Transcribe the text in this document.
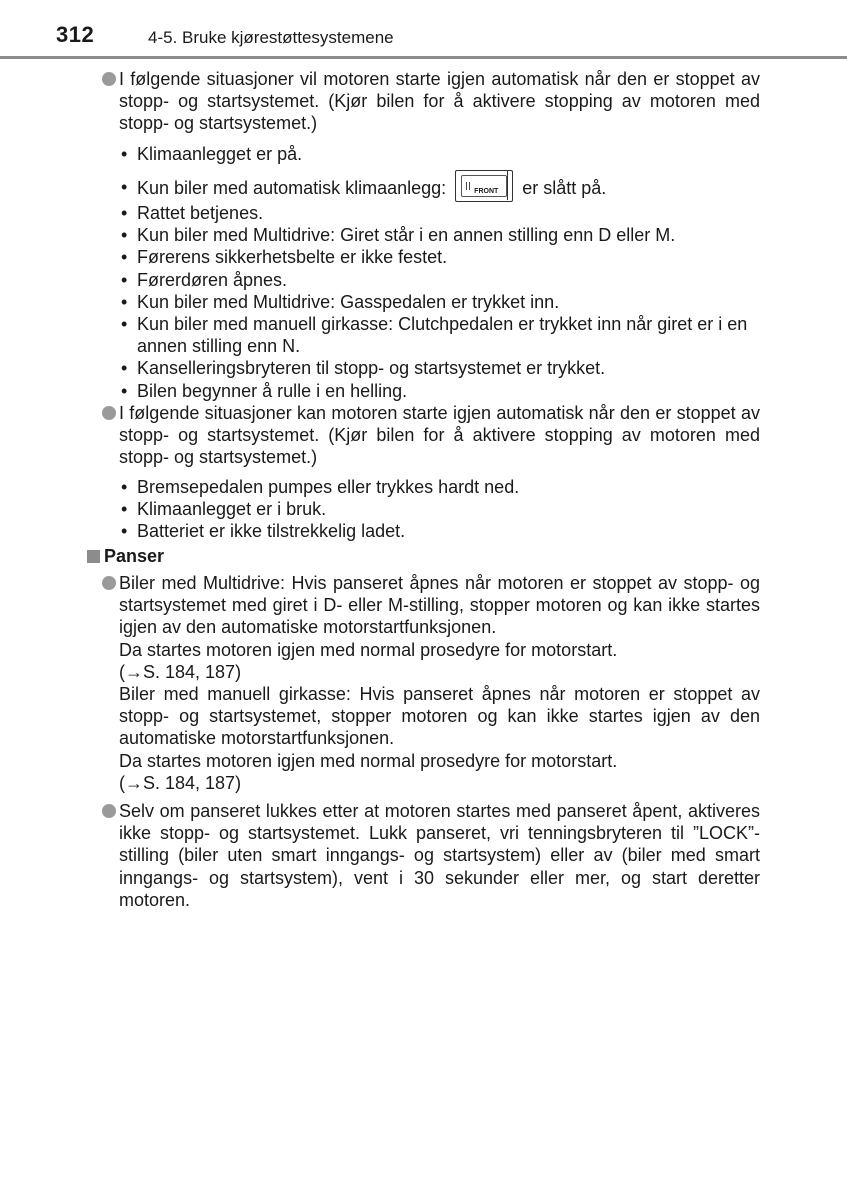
312	4-5. Bruke kjørestøttesystemene

I følgende situasjoner vil motoren starte igjen automatisk når den er stoppet av stopp- og startsystemet. (Kjør bilen for å aktivere stopping av motoren med stopp- og startsystemet.)

• Klimaanlegget er på.
• Kun biler med automatisk klimaanlegg:	FRONT er slått på.
• Rattet betjenes.
• Kun biler med Multidrive: Giret står i en annen stilling enn D eller M.
• Førerens sikkerhetsbelte er ikke festet.
• Førerdøren åpnes.
• Kun biler med Multidrive: Gasspedalen er trykket inn.
• Kun biler med manuell girkasse: Clutchpedalen er trykket inn når giret er i en annen stilling enn N.
• Kanselleringsbryteren til stopp- og startsystemet er trykket.
• Bilen begynner å rulle i en helling.

I følgende situasjoner kan motoren starte igjen automatisk når den er stoppet av stopp- og startsystemet. (Kjør bilen for å aktivere stopping av motoren med stopp- og startsystemet.)

• Bremsepedalen pumpes eller trykkes hardt ned.
• Klimaanlegget er i bruk.
• Batteriet er ikke tilstrekkelig ladet.
Panser

Biler med Multidrive: Hvis panseret åpnes når motoren er stoppet av stopp- og startsystemet med giret i D- eller M-stilling, stopper motoren og kan ikke startes igjen av den automatiske motorstartfunksjonen.

Da startes motoren igjen med normal prosedyre for motorstart.

(→S. 184, 187)

Biler med manuell girkasse: Hvis panseret åpnes når motoren er stoppet av stopp- og startsystemet, stopper motoren og kan ikke startes igjen av den automatiske motorstartfunksjonen.

Da startes motoren igjen med normal prosedyre for motorstart.

(→S. 184, 187)

Selv om panseret lukkes etter at motoren startes med panseret åpent, aktiveres ikke stopp- og startsystemet. Lukk panseret, vri tenningsbryteren til ”LOCK”-stilling (biler uten smart inngangs- og startsystem) eller av (biler med smart inngangs- og startsystem), vent i 30 sekunder eller mer, og start deretter motoren.
